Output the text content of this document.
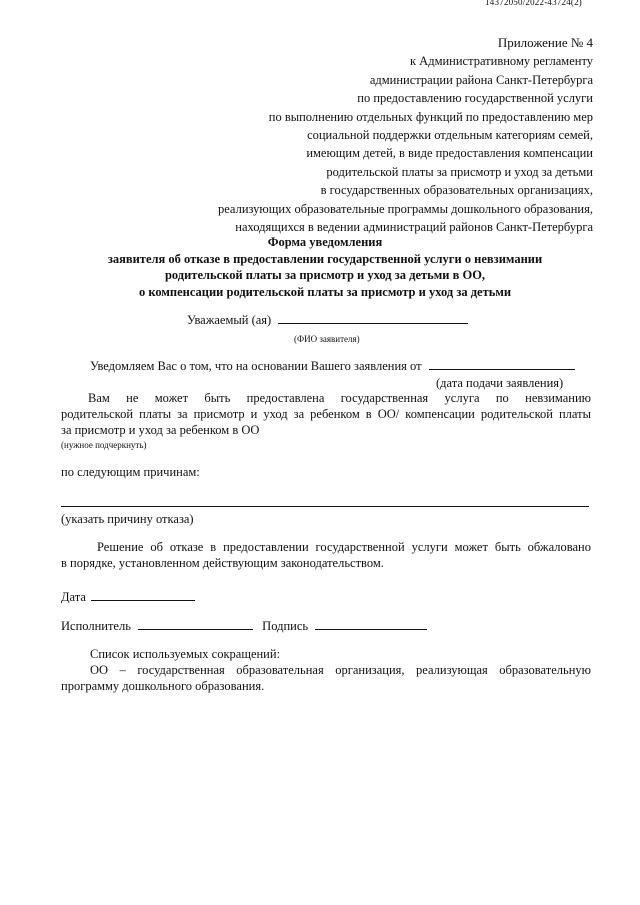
14372050/2022-43724(2)
Приложение № 4
к Административному регламенту
администрации района Санкт-Петербурга
по предоставлению государственной услуги
по выполнению отдельных функций по предоставлению мер
социальной поддержки отдельным категориям семей,
имеющим детей, в виде предоставления компенсации
родительской платы за присмотр и уход за детьми
в государственных образовательных организациях,
реализующих образовательные программы дошкольного образования,
находящихся в ведении администраций районов Санкт-Петербурга
Форма уведомления
заявителя об отказе в предоставлении государственной услуги о невзимании
родительской платы за присмотр и уход за детьми в ОО,
о компенсации родительской платы за присмотр и уход за детьми
Уважаемый (ая)
(ФИО заявителя)
Уведомляем Вас о том, что на основании Вашего заявления от
(дата подачи заявления)
Вам не может быть предоставлена государственная услуга по невзиманию
родительской платы за присмотр и уход за ребенком в ОО/ компенсации родительской платы
за присмотр и уход за ребенком в ОО
(нужное подчеркнуть)
по следующим причинам:
(указать причину отказа)
Решение об отказе в предоставлении государственной услуги может быть обжаловано
в порядке, установленном действующим законодательством.
Дата
Исполнитель	Подпись
Список используемых сокращений:
ОО – государственная образовательная организация, реализующая образовательную
программу дошкольного образования.
